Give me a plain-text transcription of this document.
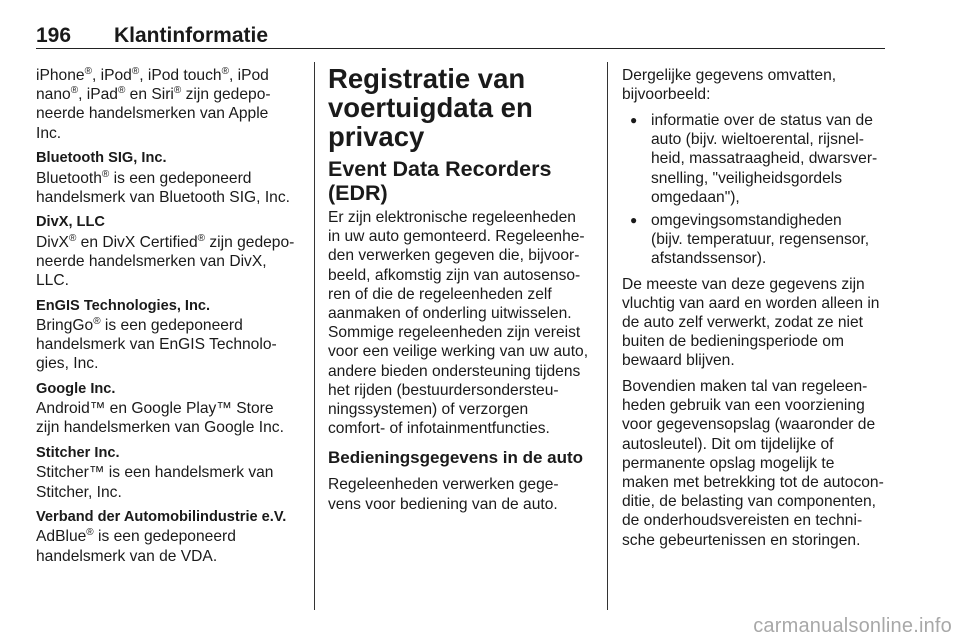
196 Klantinformatie

iPhone®, iPod®, iPod touch®, iPod
nano®, iPad® en Siri® zijn gedepo-
neerde handelsmerken van Apple
Inc.

Bluetooth SIG, Inc.
Bluetooth® is een gedeponeerd
handelsmerk van Bluetooth SIG, Inc.

DivX, LLC
DivX® en DivX Certified® zijn gedepo-
neerde handelsmerken van DivX,
LLC.

EnGIS Technologies, Inc.
BringGo® is een gedeponeerd
handelsmerk van EnGIS Technolo-
gies, Inc.

Google Inc.
Android™ en Google Play™ Store
zijn handelsmerken van Google Inc.

Stitcher Inc.
Stitcher™ is een handelsmerk van
Stitcher, Inc.

Verband der Automobilindustrie e.V.
AdBlue® is een gedeponeerd
handelsmerk van de VDA.

Registratie van
voertuigdata en privacy
Event Data Recorders
(EDR)

Er zijn elektronische regeleenheden
in uw auto gemonteerd. Regeleenhe-
den verwerken gegeven die, bijvoor-
beeld, afkomstig zijn van autosenso-
ren of die de regeleenheden zelf
aanmaken of onderling uitwisselen.
Sommige regeleenheden zijn vereist
voor een veilige werking van uw auto,
andere bieden ondersteuning tijdens
het rijden (bestuurdersondersteu-
ningssystemen) of verzorgen
comfort- of infotainmentfuncties.

Bedieningsgegevens in de auto

Regeleenheden verwerken gege-
vens voor bediening van de auto.

Dergelijke gegevens omvatten,
bijvoorbeeld:

● informatie over de status van de
auto (bijv. wieltoerental, rijsnel-
heid, massatraagheid, dwarsver-
snelling, "veiligheidsgordels
omgedaan"),
● omgevingsomstandigheden
(bijv. temperatuur, regensensor,
afstandssensor).

De meeste van deze gegevens zijn
vluchtig van aard en worden alleen in
de auto zelf verwerkt, zodat ze niet
buiten de bedieningsperiode om
bewaard blijven.

Bovendien maken tal van regeleen-
heden gebruik van een voorziening
voor gegevensopslag (waaronder de
autosleutel). Dit om tijdelijke of
permanente opslag mogelijk te
maken met betrekking tot de autocon-
ditie, de belasting van componenten,
de onderhoudsvereisten en techni-
sche gebeurtenissen en storingen.

carmanualsonline.info
